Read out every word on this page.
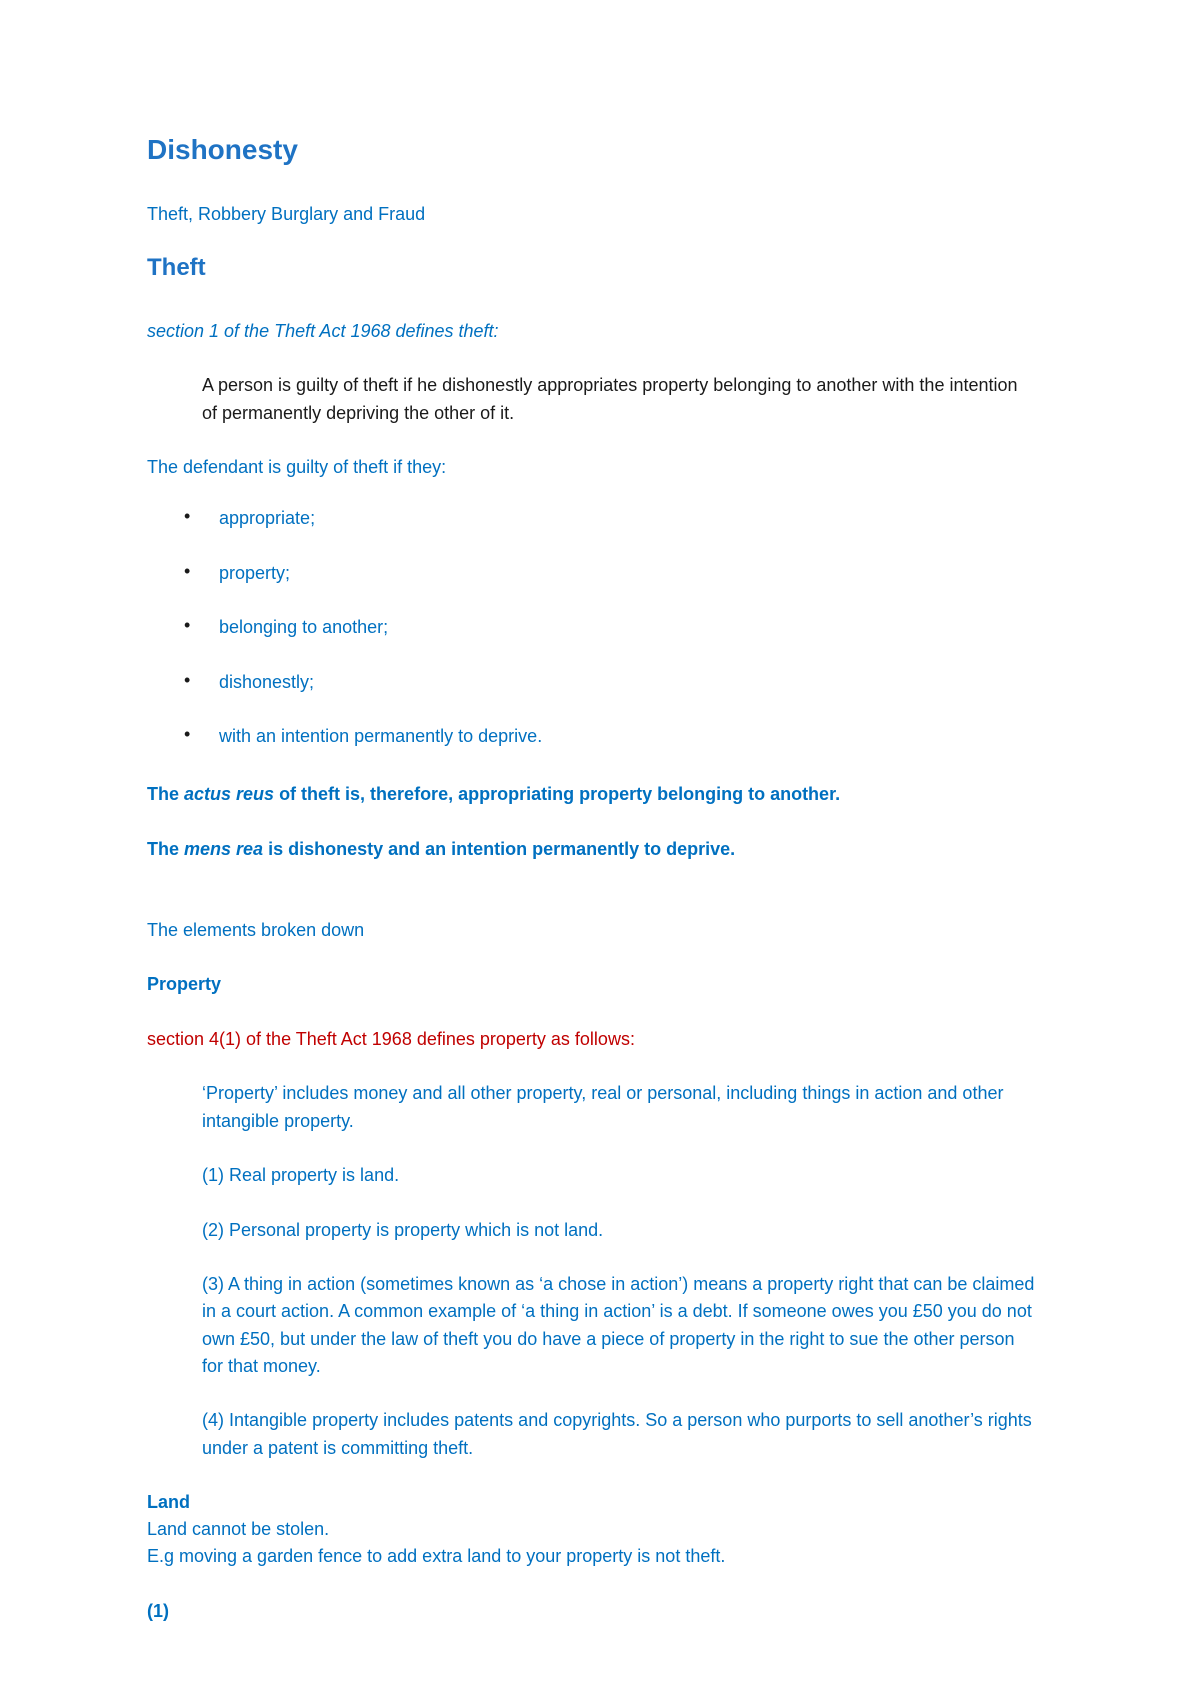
Dishonesty
Theft, Robbery Burglary and Fraud
Theft
section 1 of the Theft Act 1968 defines theft:
A person is guilty of theft if he dishonestly appropriates property belonging to another with the intention
of permanently depriving the other of it.
The defendant is guilty of theft if they:
• appropriate;
• property;
• belonging to another;
• dishonestly;
• with an intention permanently to deprive.
The actus reus of theft is, therefore, appropriating property belonging to another.
The mens rea is dishonesty and an intention permanently to deprive.
The elements broken down
Property
section 4(1) of the Theft Act 1968 defines property as follows:
‘Property’ includes money and all other property, real or personal, including things in action and other
intangible property.
(1) Real property is land.
(2) Personal property is property which is not land.
(3) A thing in action (sometimes known as ‘a chose in action’) means a property right that can be claimed
in a court action. A common example of ‘a thing in action’ is a debt. If someone owes you £50 you do not
own £50, but under the law of theft you do have a piece of property in the right to sue the other person
for that money.
(4) Intangible property includes patents and copyrights. So a person who purports to sell another’s rights
under a patent is committing theft.
Land
Land cannot be stolen.
E.g moving a garden fence to add extra land to your property is not theft.
(1)
